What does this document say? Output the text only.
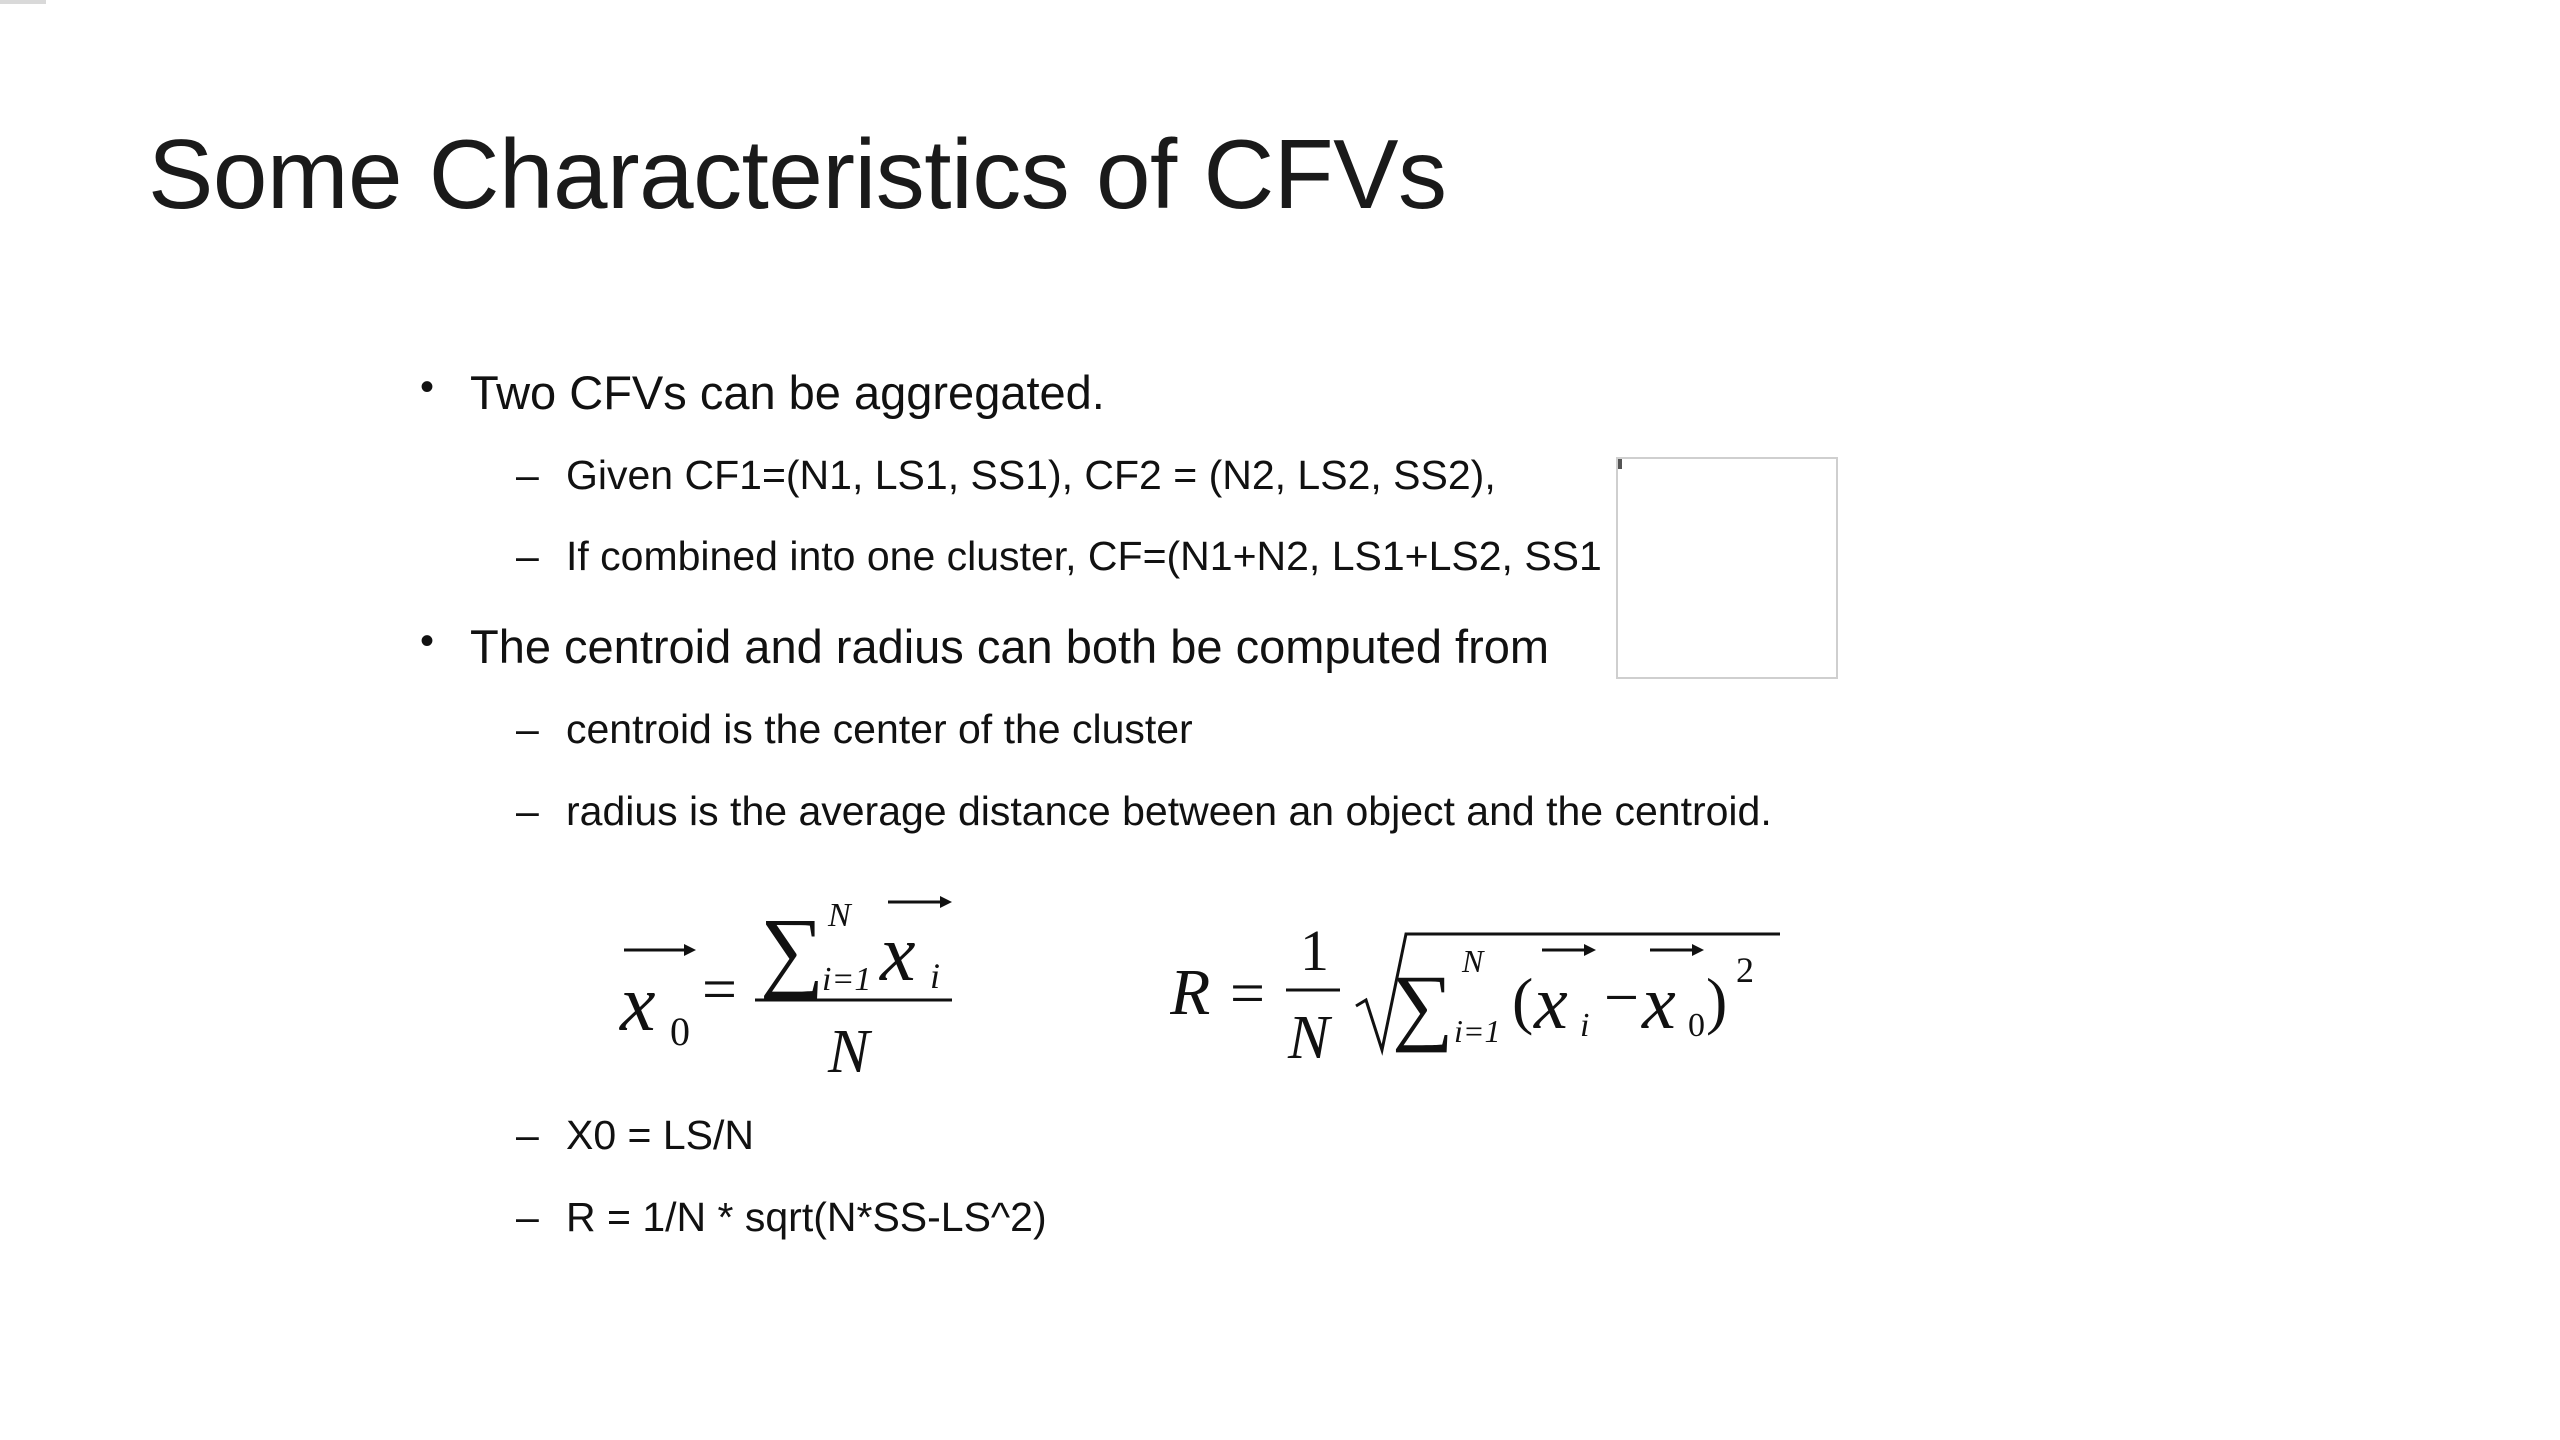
Some Characteristics of CFVs
• Two CFVs can be aggregated.
– Given CF1=(N1, LS1, SS1), CF2 = (N2, LS2, SS2),
– If combined into one cluster, CF=(N1+N2, LS1+LS2, SS1
• The centroid and radius can both be computed from
– centroid is the center of the cluster
– radius is the average distance between an object and the centroid.
x 0
= ∑ N
i=1 x i
N
R =
1
N ∑ N
i=1 ( x i − x 0 ) 2
– X0 = LS/N
– R = 1/N * sqrt(N*SS-LS^2)
